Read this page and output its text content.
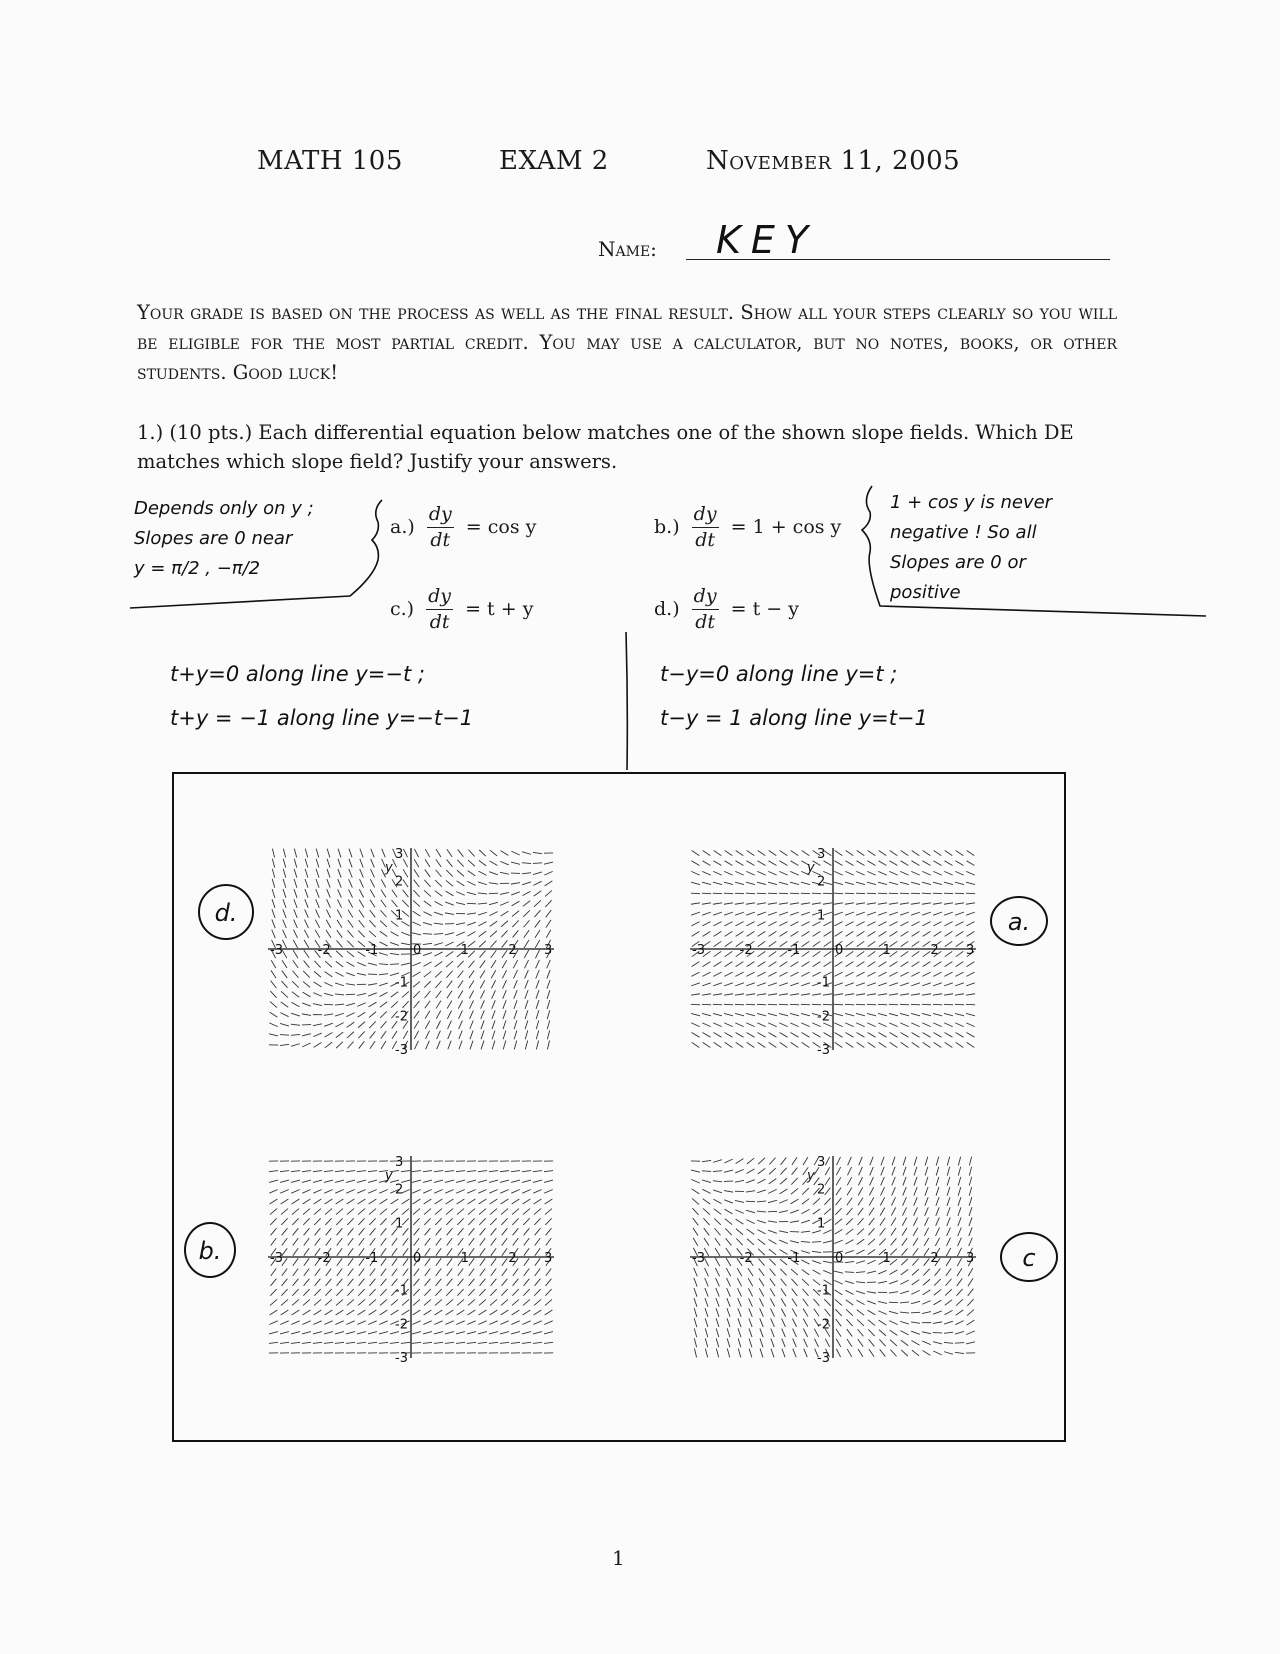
MATH 105	EXAM 2	November 11, 2005
Name: KEY
Your grade is based on the process as well as the final result. Show all your steps clearly so you will be eligible for the most partial credit. You may use a calculator, but no notes, books, or other students. Good luck!
1.) (10 pts.) Each differential equation below matches one of the shown slope fields. Which DE matches which slope field? Justify your answers.
$a.) \frac{dy}{dt} = \cos y$	$b.) \frac{dy}{dt} = 1 + \cos y$
$c.) \frac{dy}{dt} = t + y$	$d.) \frac{dy}{dt} = t - y$
Depends only on y ;
Slopes are 0 near
y = π/2 , −π/2
1 + cos y is never
negative ! So all
Slopes are 0 or
positive
t+y=0 along line y=−t ;
t+y = −1 along line y=−t−1
t−y=0 along line y=t ;
t−y = 1 along line y=t−1
d.	a.
b.	c
-3
-3
-2
-2
-1
-1
0	1
1
2
2
3
3
y
-3
-3
-2
-2
-1
-1
0	1
1
2
2
3
3
y
-3
-3
-2
-2
-1
-1
0	1
1
2
2
3
3
y
-3
-3
-2
-2
-1
-1
0	1
1
2
2
3
3
y
1
